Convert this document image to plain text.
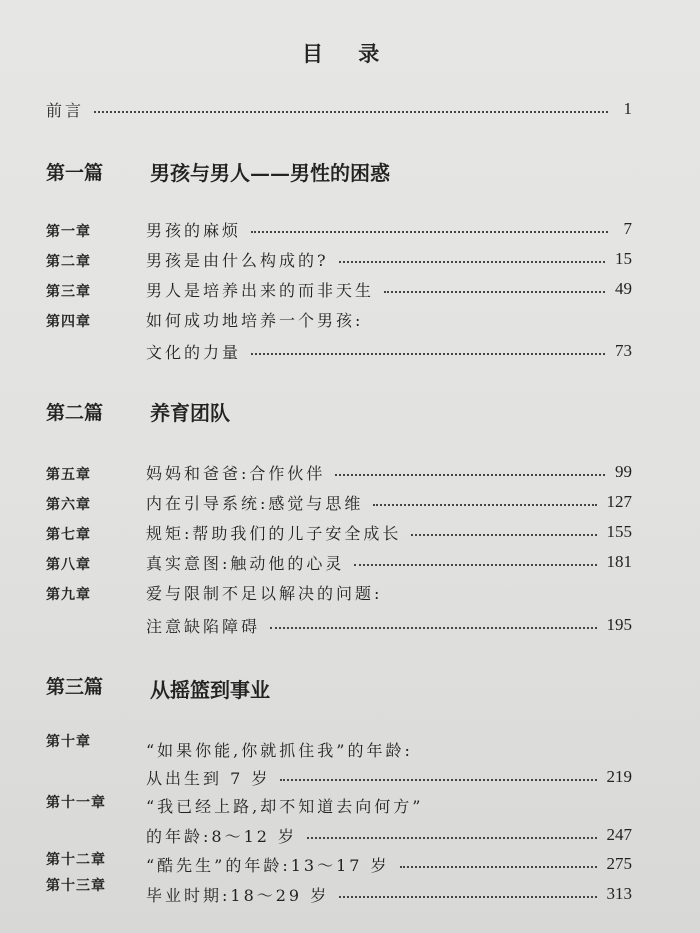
目 录
前言	1
第一篇 男孩与男人——男性的困惑
第一章	男孩的麻烦	7
第二章	男孩是由什么构成的?	15
第三章	男人是培养出来的而非天生	49
第四章	如何成功地培养一个男孩:
文化的力量	73
第二篇 养育团队
第五章	妈妈和爸爸:合作伙伴	99
第六章	内在引导系统:感觉与思维	127
第七章	规矩:帮助我们的儿子安全成长	155
第八章	真实意图:触动他的心灵	181
第九章	爱与限制不足以解决的问题:
注意缺陷障碍	195
第三篇 从摇篮到事业
第十章	“如果你能,你就抓住我”的年龄:
从出生到 7 岁	219
第十一章	“我已经上路,却不知道去向何方”
的年龄:8～12 岁	247
第十二章	“酷先生”的年龄:13～17 岁	275
第十三章	毕业时期:18～29 岁	313
